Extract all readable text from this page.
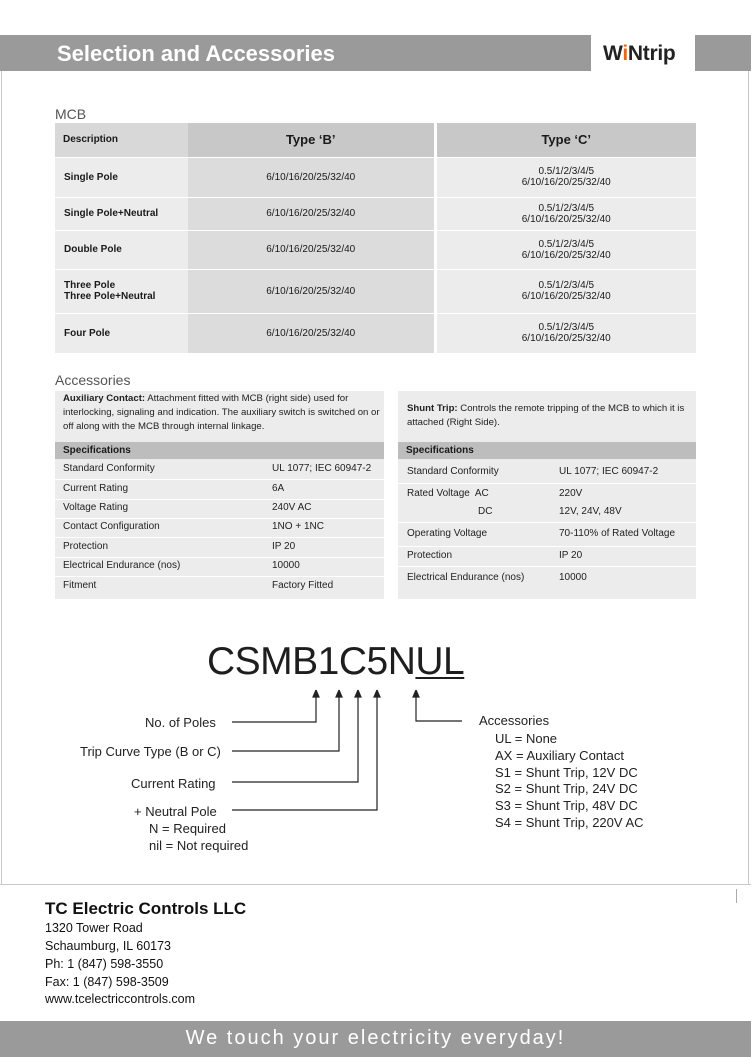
Selection and Accessories	WiNtrip
MCB
Description	Type ‘B’	Type ‘C’
Single Pole	6/10/16/20/25/32/40	0.5/1/2/3/4/5
6/10/16/20/25/32/40

Single Pole+Neutral	6/10/16/20/25/32/40	0.5/1/2/3/4/5
6/10/16/20/25/32/40

Double Pole	6/10/16/20/25/32/40	0.5/1/2/3/4/5
6/10/16/20/25/32/40

Three Pole
Three Pole+Neutral	6/10/16/20/25/32/40	0.5/1/2/3/4/5
6/10/16/20/25/32/40

Four Pole	6/10/16/20/25/32/40	0.5/1/2/3/4/5
6/10/16/20/25/32/40
Accessories
Auxiliary Contact: Attachment fitted with MCB (right side) used for interlocking, signaling and indication. The auxiliary switch is switched on or off along with the MCB through internal linkage.
Specifications
Standard Conformity	UL 1077; IEC 60947-2
Current Rating	6A
Voltage Rating	240V AC
Contact Configuration	1NO + 1NC
Protection	IP 20
Electrical Endurance (nos)	10000
Fitment	Factory Fitted
Shunt Trip: Controls the remote tripping of the MCB to which it is attached (Right Side).
Specifications
Standard Conformity	UL 1077; IEC 60947-2
Rated Voltage AC	220V
DC	12V, 24V, 48V
Operating Voltage	70-110% of Rated Voltage
Protection	IP 20
Electrical Endurance (nos)	10000
CSMB1C5NUL
No. of Poles
Trip Curve Type (B or C)
Current Rating
+ Neutral Pole
N = Required
nil = Not required
Accessories
UL = None
AX = Auxiliary Contact
S1 = Shunt Trip, 12V DC
S2 = Shunt Trip, 24V DC
S3 = Shunt Trip, 48V DC
S4 = Shunt Trip, 220V AC
TC Electric Controls LLC
1320 Tower Road
Schaumburg, IL 60173
Ph: 1 (847) 598-3550
Fax: 1 (847) 598-3509
www.tcelectriccontrols.com
We touch your electricity everyday!
